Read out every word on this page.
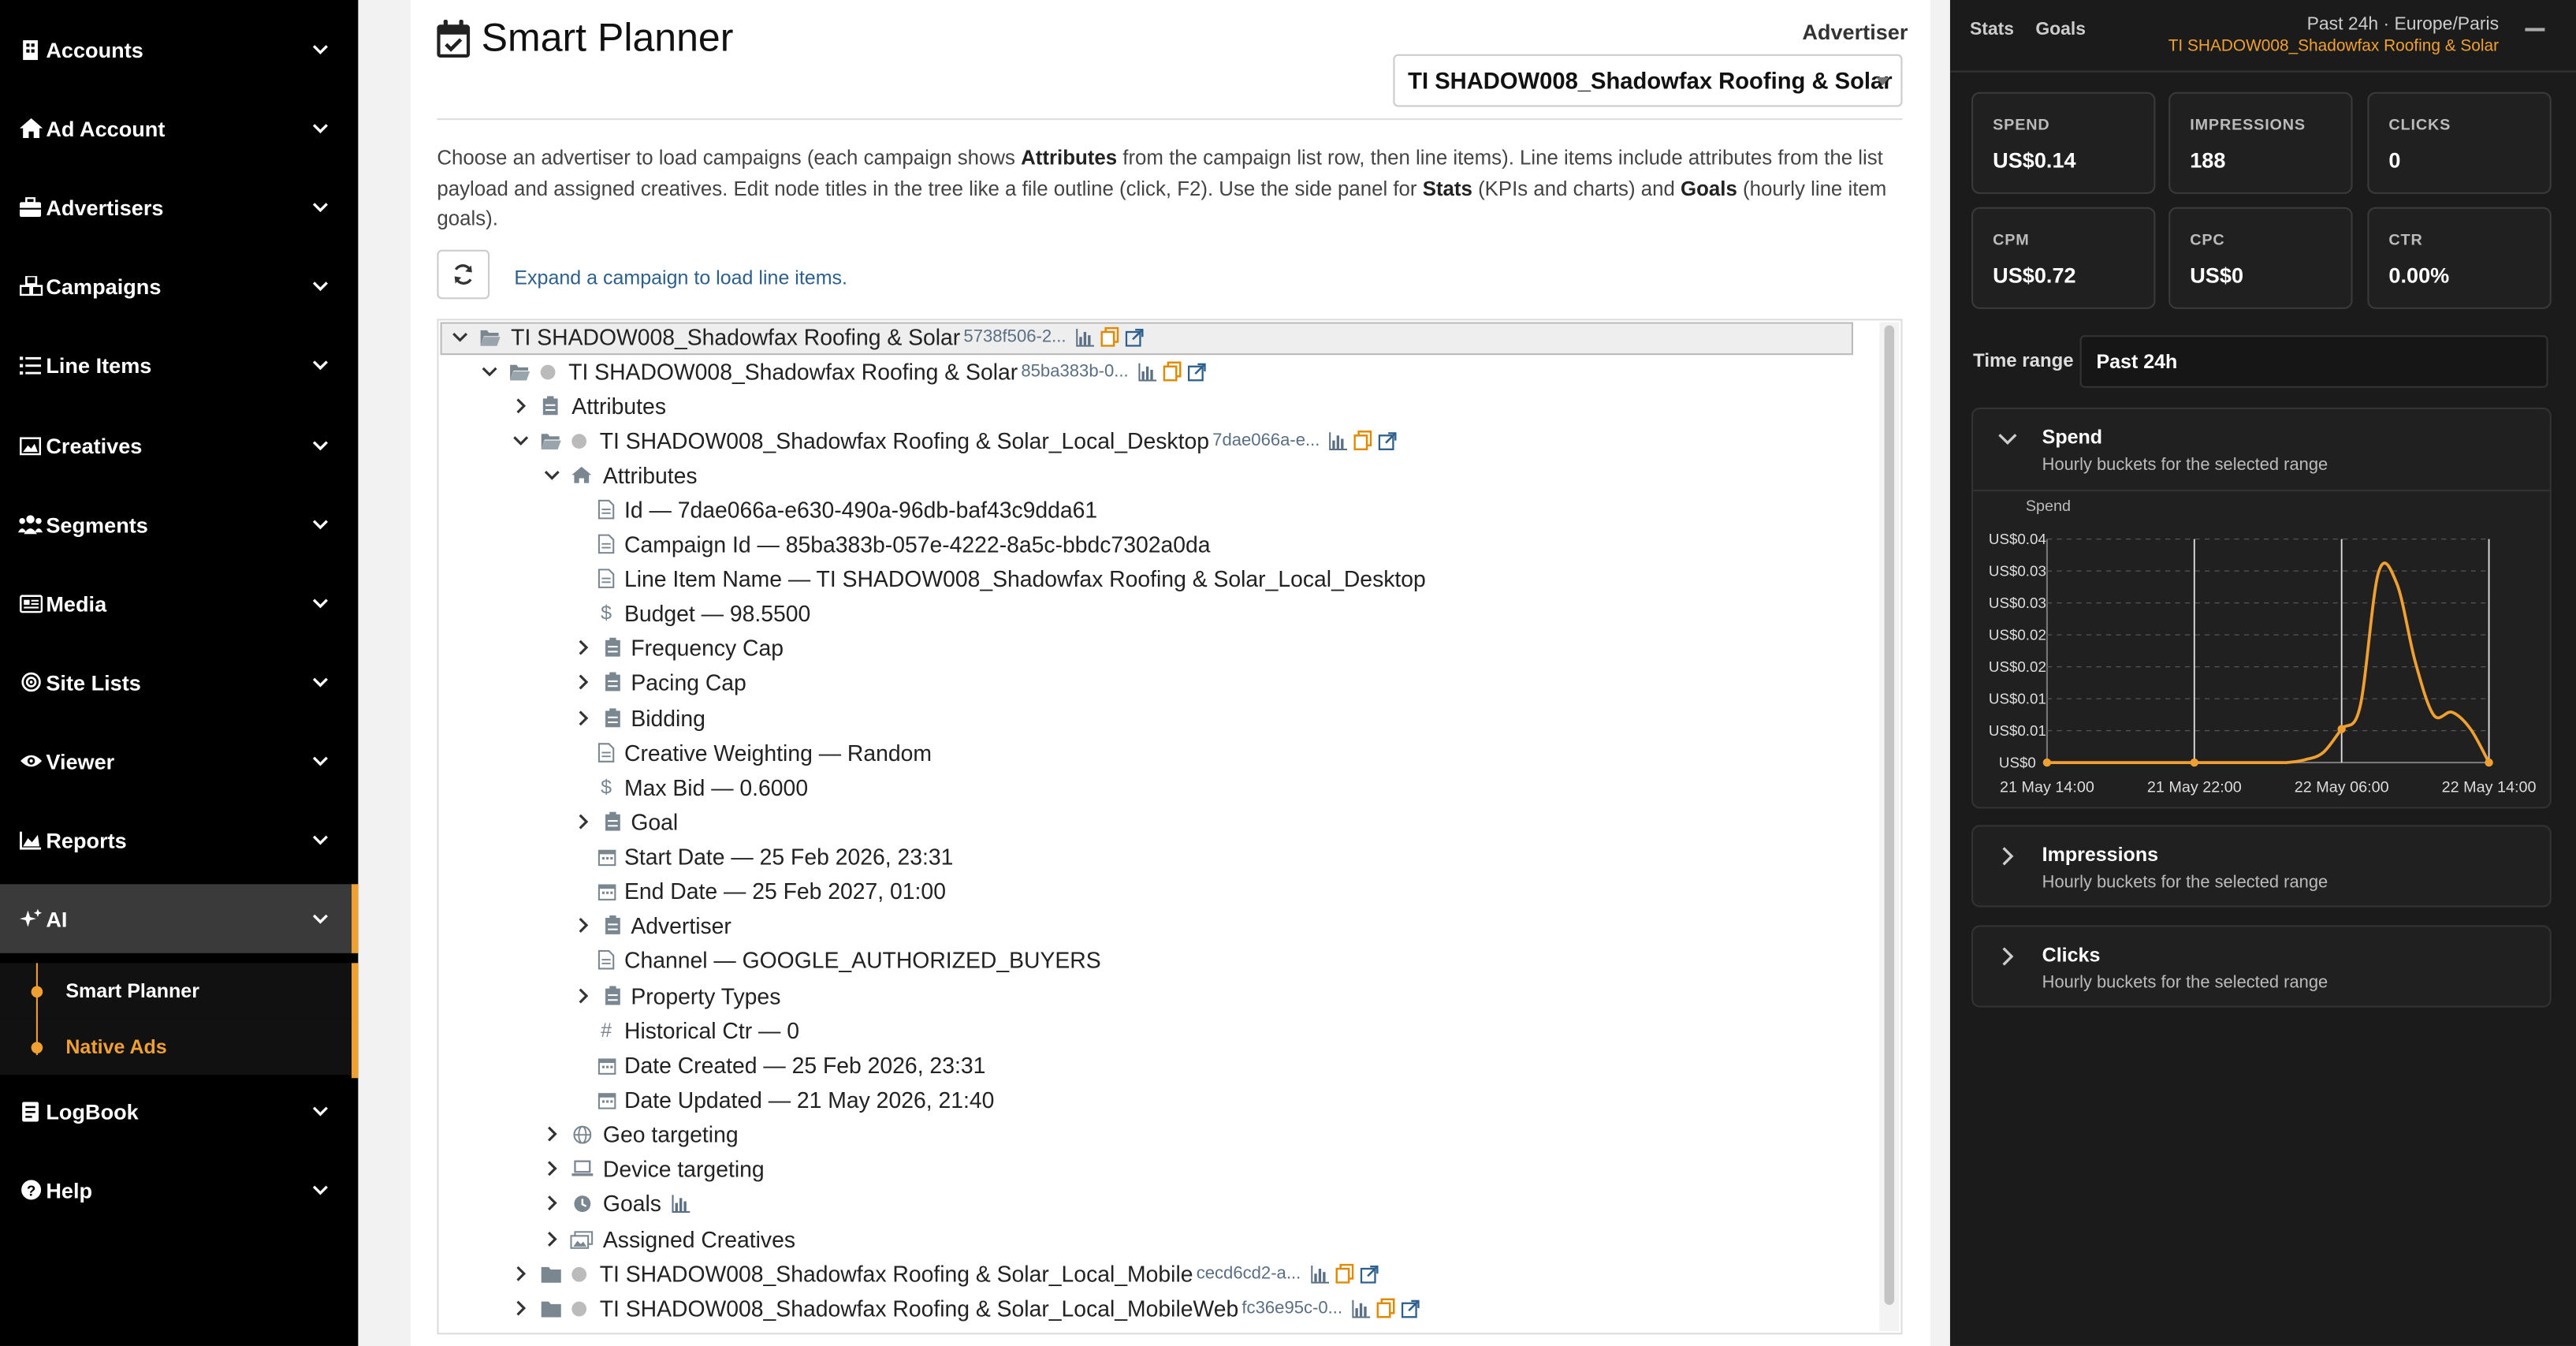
Accounts
Ad Account
Advertisers
Campaigns
Line Items
Creatives
Segments
Media
Site Lists
Viewer
Reports
AI
Smart Planner
Native Ads
LogBook
? Help
Smart Planner	Advertiser
TI SHADOW008_Shadowfax Roofing & Solar
Choose an advertiser to load campaigns (each campaign shows Attributes from the campaign list row, then line items). Line items include attributes from the list payload and assigned creatives. Edit node titles in the tree like a file outline (click, F2). Use the side panel for Stats (KPIs and charts) and Goals (hourly line item goals).
Expand a campaign to load line items.
TI SHADOW008_Shadowfax Roofing & Solar 5738f506-2...
TI SHADOW008_Shadowfax Roofing & Solar 85ba383b-0...
Attributes
TI SHADOW008_Shadowfax Roofing & Solar_Local_Desktop 7dae066a-e...
Attributes
Id — 7dae066a-e630-490a-96db-baf43c9dda61
Campaign Id — 85ba383b-057e-4222-8a5c-bbdc7302a0da
Line Item Name — TI SHADOW008_Shadowfax Roofing & Solar_Local_Desktop
$	Budget — 98.5500
Frequency Cap
Pacing Cap
Bidding
Creative Weighting — Random
$	Max Bid — 0.6000
Goal
Start Date — 25 Feb 2026, 23:31
End Date — 25 Feb 2027, 01:00
Advertiser
Channel — GOOGLE_AUTHORIZED_BUYERS
Property Types
#	Historical Ctr — 0
Date Created — 25 Feb 2026, 23:31
Date Updated — 21 May 2026, 21:40
Geo targeting
Device targeting
Goals
Assigned Creatives
TI SHADOW008_Shadowfax Roofing & Solar_Local_Mobile cecd6cd2-a...
TI SHADOW008_Shadowfax Roofing & Solar_Local_MobileWeb fc36e95c-0...
Stats Goals	Past 24h · Europe/Paris
TI SHADOW008_Shadowfax Roofing & Solar
SPEND
US$0.14
IMPRESSIONS
188
CLICKS
0
CPM
US$0.72
CPC
US$0
CTR
0.00%
Time range	Past 24h
Spend
Hourly buckets for the selected range
Spend
US$0
US$0.01
US$0.01
US$0.02
US$0.02
US$0.03
US$0.03
US$0.04
21 May 14:00	21 May 22:00	22 May 06:00	22 May 14:00
Impressions
Hourly buckets for the selected range
Clicks
Hourly buckets for the selected range
